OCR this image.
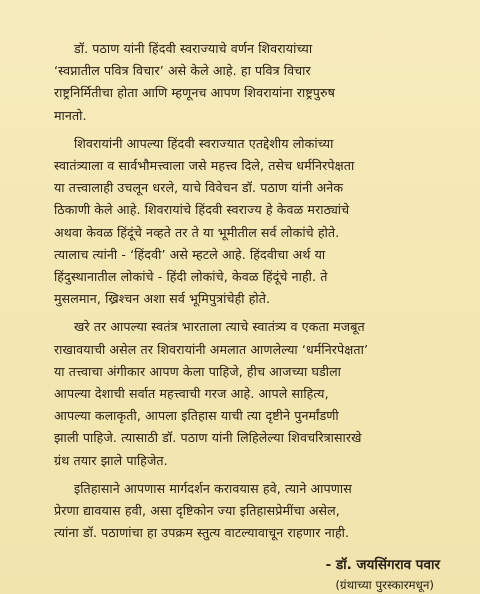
डॉ. पठाण यांनी हिंदवी स्वराज्याचे वर्णन शिवरायांच्या
‘स्वप्नातील पवित्र विचार’ असे केले आहे. हा पवित्र विचार
राष्ट्रनिर्मितीचा होता आणि म्हणूनच आपण शिवरायांना राष्ट्रपुरुष
मानतो.
शिवरायांनी आपल्या हिंदवी स्वराज्यात एतद्देशीय लोकांच्या
स्वातंत्र्याला व सार्वभौमत्त्वाला जसे महत्त्व दिले, तसेच धर्मनिरपेक्षता
या तत्त्वालाही उचलून धरले, याचे विवेचन डॉ. पठाण यांनी अनेक
ठिकाणी केले आहे. शिवरायांचे हिंदवी स्वराज्य हे केवळ मराठ्यांचे
अथवा केवळ हिंदूंचे नव्हते तर ते या भूमीतील सर्व लोकांचे होते.
त्यालाच त्यांनी - ‘हिंदवी’ असे म्हटले आहे. हिंदवीचा अर्थ या
हिंदुस्थानातील लोकांचे - हिंदी लोकांचे, केवळ हिंदूंचे नाही. ते
मुसलमान, ख्रिश्चन अशा सर्व भूमिपुत्रांचेही होते.
खरे तर आपल्या स्वतंत्र भारताला त्याचे स्वातंत्र्य व एकता मजबूत
राखावयाची असेल तर शिवरायांनी अमलात आणलेल्या ‘धर्मनिरपेक्षता’
या तत्त्वाचा अंगीकार आपण केला पाहिजे, हीच आजच्या घडीला
आपल्या देशाची सर्वात महत्त्वाची गरज आहे. आपले साहित्य,
आपल्या कलाकृती, आपला इतिहास याची त्या दृष्टीने पुनर्मांडणी
झाली पाहिजे. त्यासाठी डॉ. पठाण यांनी लिहिलेल्या शिवचरित्रासारखे
ग्रंथ तयार झाले पाहिजेत.
इतिहासाने आपणास मार्गदर्शन करावयास हवे, त्याने आपणास
प्रेरणा द्यावयास हवी, असा दृष्टिकोन ज्या इतिहासप्रेमींचा असेल,
त्यांना डॉ. पठाणांचा हा उपक्रम स्तुत्य वाटल्यावाचून राहणार नाही.
- डॉ. जयसिंगराव पवार
(ग्रंथाच्या पुरस्कारमधून)
